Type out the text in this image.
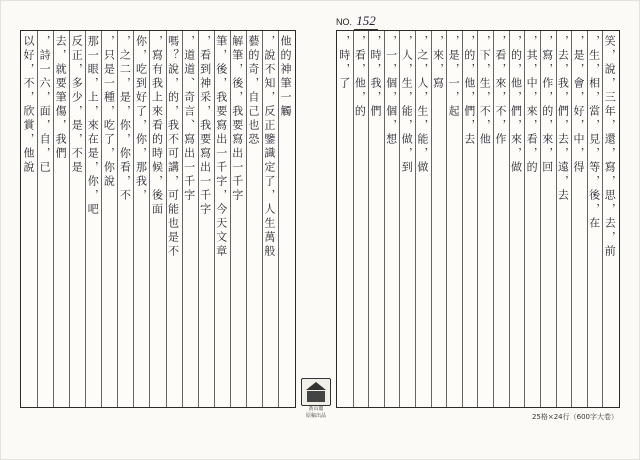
NO. 152
以好，不，欣賞，他說 ，詩一六，面，自，已 去，就要筆傷，我們 反正，多少，是，不是 那一眼，上，來在是，你，吧 ，只是一種，吃了，你說 ，之二，是，你，你看，不 你，吃到好了，你，那我， ，寫有我上來看的時候，後面 嗎？說，的，我不可講，可能也是不 ，道道、奇言、寫出一千字 ，看到神采，我要寫出一千字 筆，後，我要寫出一千字，今天文章 解筆，後，我要寫出一千字 藝的奇，自己也恐 ，說不知，反正鑒識定了，人生萬般 他的神筆一觸	，時，了 ，看，他，的 ，時，我，們 ，一，個，個，想 ，人，生，能，做，到 ，之，人，生，能，做 ，來，寫 ，是，一，起 ，的，他，們，去 ，下，生，不，他 ，看，來，不，作 ，的，他，們，來，做 ，其，中，來，看，的 ，寫，作，的，來，回 ，去，我，們，去，遠，去 ，是，會，好，中，得 ，生，相，當，見，等，後，在 笑，說，三年，還，寫，思，去，前
黃山閣
原稿出品	25格×24行（600字大卷）
